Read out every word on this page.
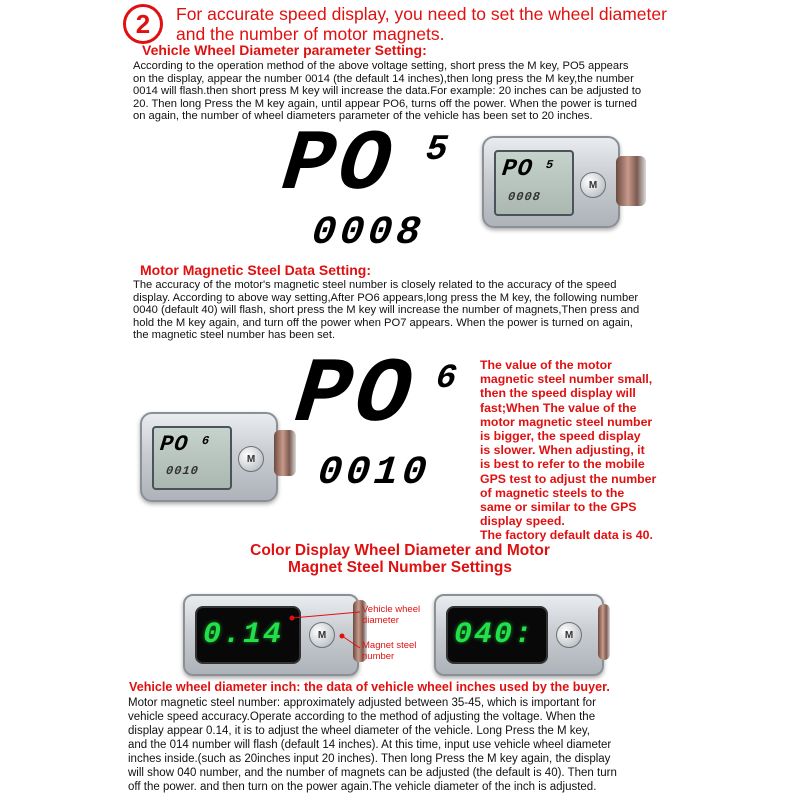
2 For accurate speed display, you need to set the wheel diameter
and the number of motor magnets.
Vehicle Wheel Diameter parameter Setting:
According to the operation method of the above voltage setting, short press the M key, PO5 appears
on the display, appear the number 0014 (the default 14 inches),then long press the M key,the number
0014 will flash.then short press M key will increase the data.For example: 20 inches can be adjusted to
20. Then long Press the M key again, until appear PO6, turns off the power. When the power is turned
on again, the number of wheel diameters parameter of the vehicle has been set to 20 inches.
PO 5
0008
PO 5
0008
M
Motor Magnetic Steel Data Setting:
The accuracy of the motor's magnetic steel number is closely related to the accuracy of the speed
display. According to above way setting,After PO6 appears,long press the M key, the following number
0040 (default 40) will flash, short press the M key will increase the number of magnets,Then press and
hold the M key again, and turn off the power when PO7 appears. When the power is turned on again,
the magnetic steel number has been set.
PO 6
0010
M
PO 6
0010
The value of the motor
magnetic steel number small,
then the speed display will
fast;When The value of the
motor magnetic steel number
is bigger, the speed display
is slower. When adjusting, it
is best to refer to the mobile
GPS test to adjust the number
of magnetic steels to the
same or similar to the GPS
display speed.
The factory default data is 40.
Color Display Wheel Diameter and Motor
Magnet Steel Number Settings
0.14	M	040:	M
Vehicle wheel
diameter
Magnet steel
number
Vehicle wheel diameter inch: the data of vehicle wheel inches used by the buyer.
Motor magnetic steel number: approximately adjusted between 35-45, which is important for
vehicle speed accuracy.Operate according to the method of adjusting the voltage. When the
display appear 0.14, it is to adjust the wheel diameter of the vehicle. Long Press the M key,
and the 014 number will flash (default 14 inches). At this time, input use vehicle wheel diameter
inches inside.(such as 20inches input 20 inches). Then long Press the M key again, the display
will show 040 number, and the number of magnets can be adjusted (the default is 40). Then turn
off the power. and then turn on the power again.The vehicle diameter of the inch is adjusted.
